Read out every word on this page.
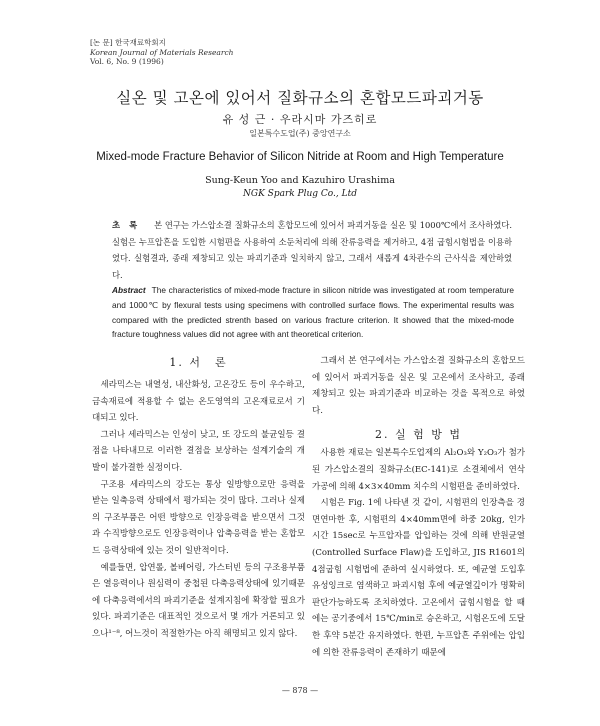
[논 문] 한국재료학회지
Korean Journal of Materials Research
Vol. 6, No. 9 (1996)
실온 및 고온에 있어서 질화규소의 혼합모드파괴거동
유 성 근 · 우라시마 가즈히로
일본특수도업(주) 중앙연구소
Mixed-mode Fracture Behavior of Silicon Nitride at Room and High Temperature
Sung-Keun Yoo and Kazuhiro Urashima
NGK Spark Plug Co., Ltd
초 록 본 연구는 가스압소결 질화규소의 혼합모드에 있어서 파괴거동을 실온 및 1000℃에서 조사하였다. 실험은 누프압흔을 도입한 시험편을 사용하여 소둔처리에 의해 잔류응력을 제거하고, 4점 굽힘시험법을 이용하였다. 실험결과, 종래 제창되고 있는 파괴기준과 일치하지 않고, 그래서 새롭게 4차관수의 근사식을 제안하였다.
Abstract The characteristics of mixed-mode fracture in silicon nitride was investigated at room temperature and 1000℃ by flexural tests using specimens with controlled surface flows. The experimental results was compared with the predicted strenth based on various fracture criterion. It showed that the mixed-mode fracture toughness values did not agree with ant theoretical criterion.
1. 서　론

세라믹스는 내열성, 내산화성, 고온강도 등이 우수하고, 금속재료에 적용할 수 없는 온도영역의 고온재료로서 기대되고 있다.

그러나 세라믹스는 인성이 낮고, 또 강도의 불균일등 결점을 나타내므로 이러한 결점을 보상하는 설계기술의 개발이 불가결한 실정이다.

구조용 세라믹스의 강도는 통상 일방향으로만 응력을 받는 일축응력 상태에서 평가되는 것이 많다. 그러나 실제의 구조부품은 어떤 방향으로 인장응력을 받으면서 그것과 수직방향으로도 인장응력이나 압축응력을 받는 혼합모드 응력상태에 있는 것이 일반적이다.

예를들면, 압연롤, 볼베어링, 가스터빈 등의 구조용부품은 열응력이나 원심력이 중첩된 다축응력상태에 있기때문에 다축응력에서의 파괴기준을 설계지침에 확장할 필요가 있다. 파괴기준은 대표적인 것으로서 몇 개가 거론되고 있으나¹⁻⁸, 어느것이 적절한가는 아직 해명되고 있지 않다.

그래서 본 연구에서는 가스압소결 질화규소의 혼합모드에 있어서 파괴거동을 실온 및 고온에서 조사하고, 종래 제창되고 있는 파괴기준과 비교하는 것을 목적으로 하였다.

2. 실 험 방 법

사용한 재료는 일본특수도업제의 Al₂O₃와 Y₂O₃가 첨가된 가스압소결의 질화규소(EC-141)로 소결체에서 연삭가공에 의해 4×3×40mm 치수의 시험편을 준비하였다.

시험은 Fig. 1에 나타낸 것 같이, 시험편의 인장측을 경면연마한 후, 시험편의 4×40mm면에 하중 20kg, 인가시간 15sec로 누프압자를 압입하는 것에 의해 반원균열(Controlled Surface Flaw)을 도입하고, JIS R1601의 4점굽힘 시험법에 준하여 실시하였다. 또, 예균열 도입후 유성잉크로 염색하고 파괴시험 후에 예균열깊이가 명확히 판단가능하도록 조치하였다. 고온에서 굽힘시험을 할 때에는 공기중에서 15℃/min로 승온하고, 시험온도에 도달한 후약 5분간 유지하였다. 한편, 누프압흔 주위에는 압입에 의한 잔류응력이 존재하기 때문에

— 878 —
